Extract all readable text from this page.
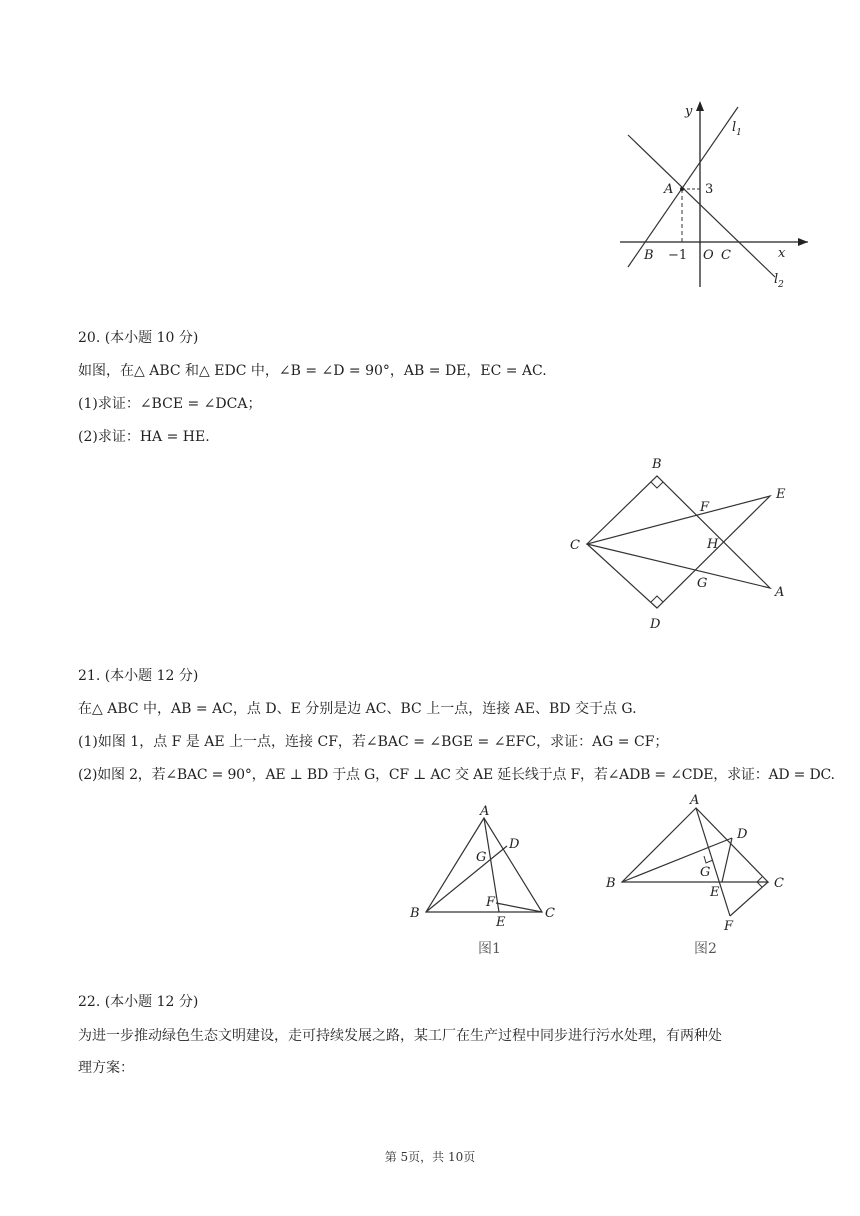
y
x
$l_1$
$l_2$
A 3
B −1 O C
20. (本小题 10 分)
如图，在△ ABC 和△ EDC 中，∠B = ∠D = 90°，AB = DE，EC = AC.
(1)求证：∠BCE = ∠DCA；
(2)求证：HA = HE.
B
C
D
E
A
F
H
G
21. (本小题 12 分)
在△ ABC 中，AB = AC，点 D、E 分别是边 AC、BC 上一点，连接 AE、BD 交于点 G.
(1)如图 1，点 F 是 AE 上一点，连接 CF，若∠BAC = ∠BGE = ∠EFC，求证：AG = CF；
(2)如图 2，若∠BAC = 90°，AE ⊥ BD 于点 G，CF ⊥ AC 交 AE 延长线于点 F，若∠ADB = ∠CDE，求证：AD = DC.
A
B	C
D
G
F
E
图1
A
B	C
D
G
E
F
图2
22. (本小题 12 分)
为进一步推动绿色生态文明建设，走可持续发展之路，某工厂在生产过程中同步进行污水处理，有两种处
理方案：
第 5页，共 10页
